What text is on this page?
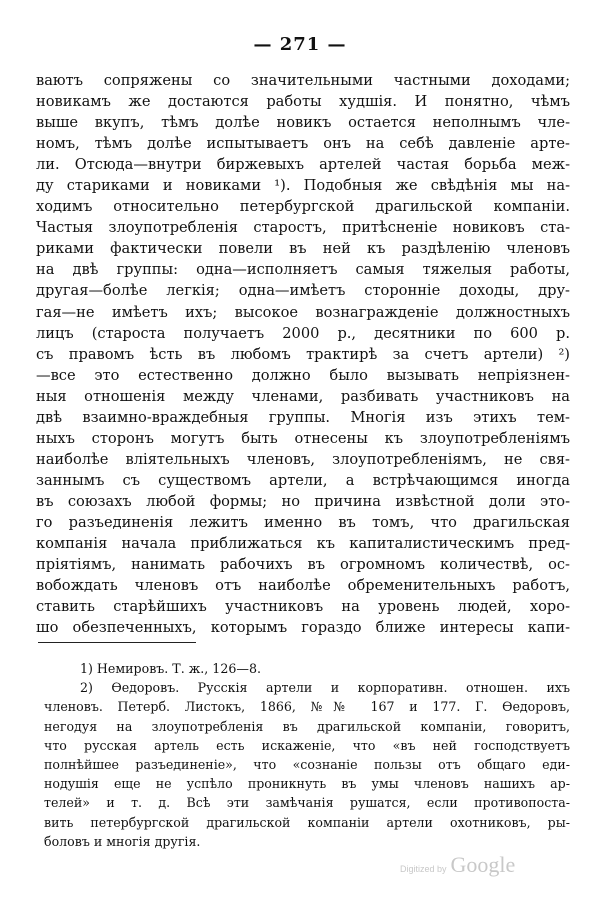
— 271 —
ваютъ сопряжены со значительными частными доходами;
новикамъ же достаются работы худшія. И понятно, чѣмъ
выше вкупъ, тѣмъ долѣе новикъ остается неполнымъ чле-
номъ, тѣмъ долѣе испытываетъ онъ на себѣ давленіе арте-
ли. Отсюда—внутри биржевыхъ артелей частая борьба меж-
ду стариками и новиками ¹). Подобныя же свѣдѣнія мы на-
ходимъ относительно петербургской драгильской компаніи.
Частыя злоупотребленія старостъ, притѣсненіе новиковъ ста-
риками фактически повели въ ней къ раздѣленію членовъ
на двѣ группы: одна—исполняетъ самыя тяжелыя работы,
другая—болѣе легкія; одна—имѣетъ сторонніе доходы, дру-
гая—не имѣетъ ихъ; высокое вознагражденіе должностныхъ
лицъ (староста получаетъ 2000 р., десятники по 600 р.
съ правомъ ѣсть въ любомъ трактирѣ за счетъ артели) ²)
—все это естественно должно было вызывать непріязнен-
ныя отношенія между членами, разбивать участниковъ на
двѣ взаимно-враждебныя группы. Многія изъ этихъ тем-
ныхъ сторонъ могутъ быть отнесены къ злоупотребленіямъ
наиболѣе вліятельныхъ членовъ, злоупотребленіямъ, не свя-
заннымъ съ существомъ артели, а встрѣчающимся иногда
въ союзахъ любой формы; но причина извѣстной доли это-
го разъединенія лежитъ именно въ томъ, что драгильская
компанія начала приближаться къ капиталистическимъ пред-
пріятіямъ, нанимать рабочихъ въ огромномъ количествѣ, ос-
вобождать членовъ отъ наиболѣе обременительныхъ работъ,
ставить старѣйшихъ участниковъ на уровень людей, хоро-
шо обезпеченныхъ, которымъ гораздо ближе интересы капи-
1) Немировъ. Т. ж., 126—8.
2) Ѳедоровъ. Русскія артели и корпоративн. отношен. ихъ
членовъ. Петерб. Листокъ, 1866, №№ 167 и 177. Г. Ѳедоровъ,
негодуя на злоупотребленія въ драгильской компаніи, говоритъ,
что русская артель есть искаженіе, что «въ ней господствуетъ
полнѣйшее разъединеніе», что «сознаніе пользы отъ общаго еди-
нодушія еще не успѣло проникнуть въ умы членовъ нашихъ ар-
телей» и т. д. Всѣ эти замѣчанія рушатся, если противопоста-
вить петербургской драгильской компаніи артели охотниковъ, ры-
боловъ и многія другія.
Digitized by Google
